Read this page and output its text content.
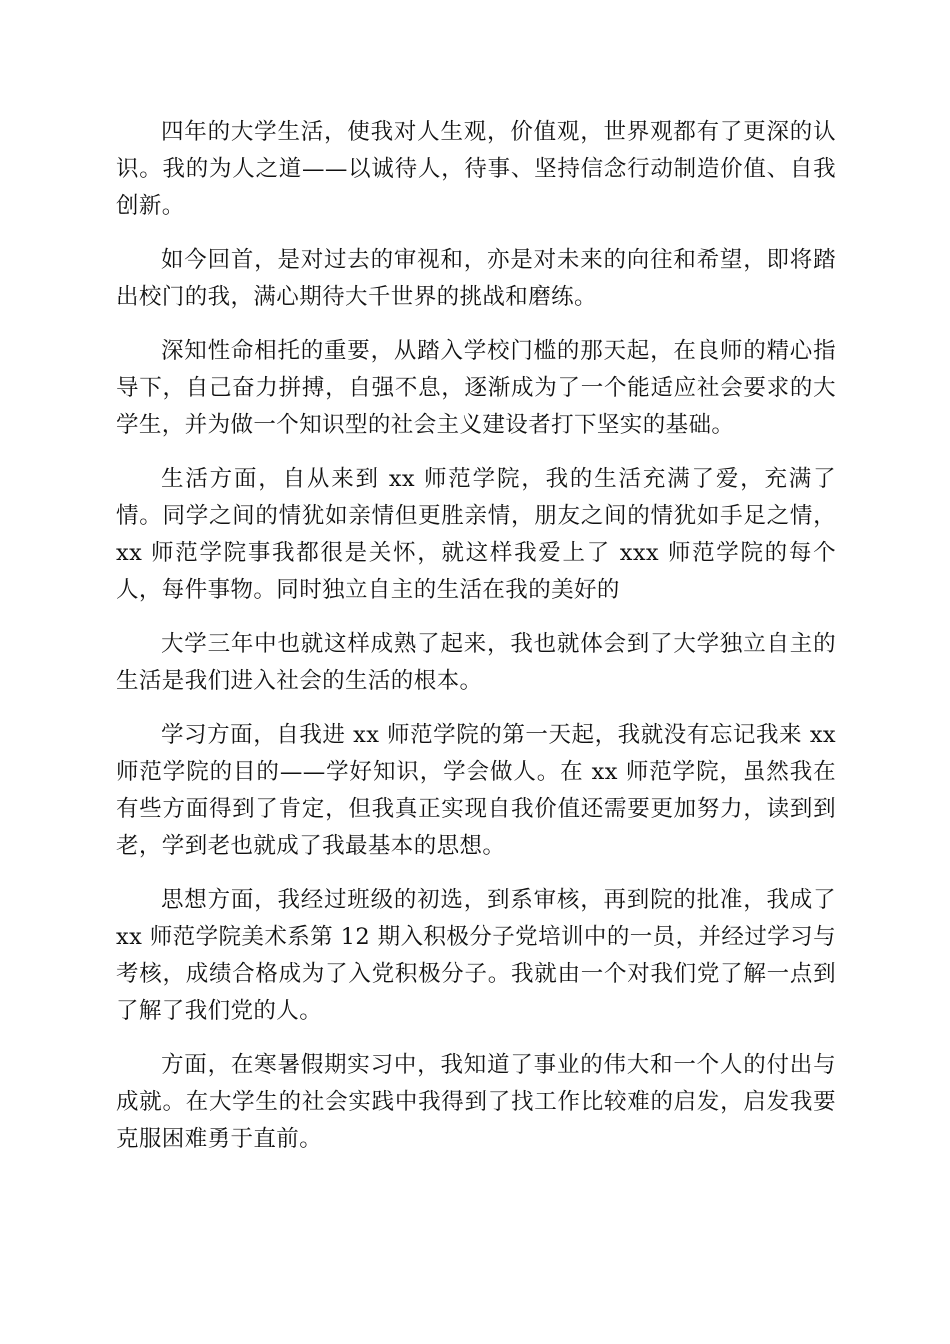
四年的大学生活，使我对人生观，价值观，世界观都有了更深的认识。我的为人之道——以诚待人，待事、坚持信念行动制造价值、自我创新。

如今回首，是对过去的审视和，亦是对未来的向往和希望，即将踏出校门的我，满心期待大千世界的挑战和磨练。

深知性命相托的重要，从踏入学校门槛的那天起，在良师的精心指导下，自己奋力拼搏，自强不息，逐渐成为了一个能适应社会要求的大学生，并为做一个知识型的社会主义建设者打下坚实的基础。

生活方面，自从来到 xx 师范学院，我的生活充满了爱，充满了情。同学之间的情犹如亲情但更胜亲情，朋友之间的情犹如手足之情，xx 师范学院事我都很是关怀，就这样我爱上了 xxx 师范学院的每个人，每件事物。同时独立自主的生活在我的美好的

大学三年中也就这样成熟了起来，我也就体会到了大学独立自主的生活是我们进入社会的生活的根本。

学习方面，自我进 xx 师范学院的第一天起，我就没有忘记我来 xx 师范学院的目的——学好知识，学会做人。在 xx 师范学院，虽然我在有些方面得到了肯定，但我真正实现自我价值还需要更加努力，读到到老，学到老也就成了我最基本的思想。

思想方面，我经过班级的初选，到系审核，再到院的批准，我成了 xx 师范学院美术系第 12 期入积极分子党培训中的一员，并经过学习与考核，成绩合格成为了入党积极分子。我就由一个对我们党了解一点到了解了我们党的人。

方面，在寒暑假期实习中，我知道了事业的伟大和一个人的付出与成就。在大学生的社会实践中我得到了找工作比较难的启发，启发我要克服困难勇于直前。
